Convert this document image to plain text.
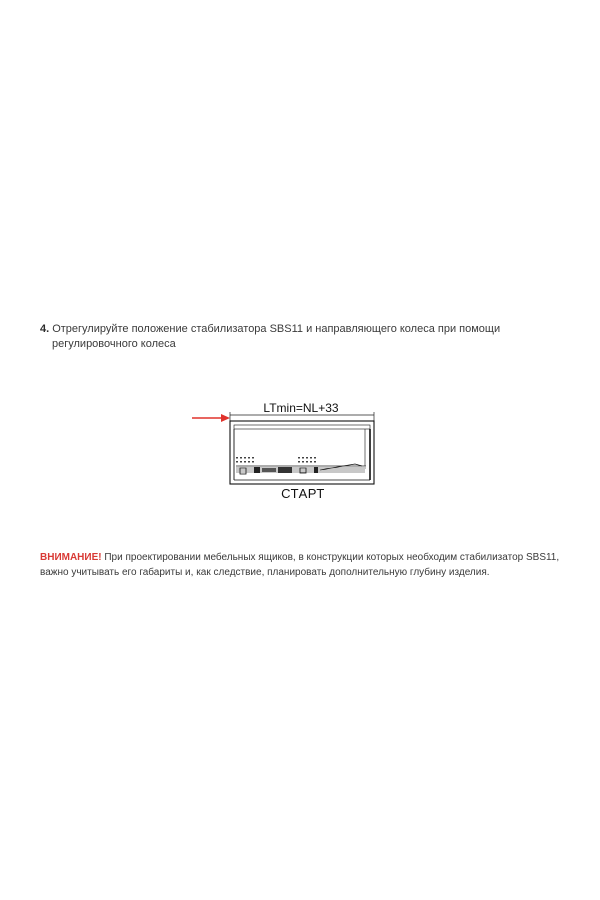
4. Отрегулируйте положение стабилизатора SBS11 и направляющего колеса при помощи
регулировочного колеса
LTmin=NL+33
СТАРТ
ВНИМАНИЕ! При проектировании мебельных ящиков, в конструкции которых необходим стабилизатор SBS11, важно учитывать его габариты и, как следствие, планировать дополнительную глубину изделия.
